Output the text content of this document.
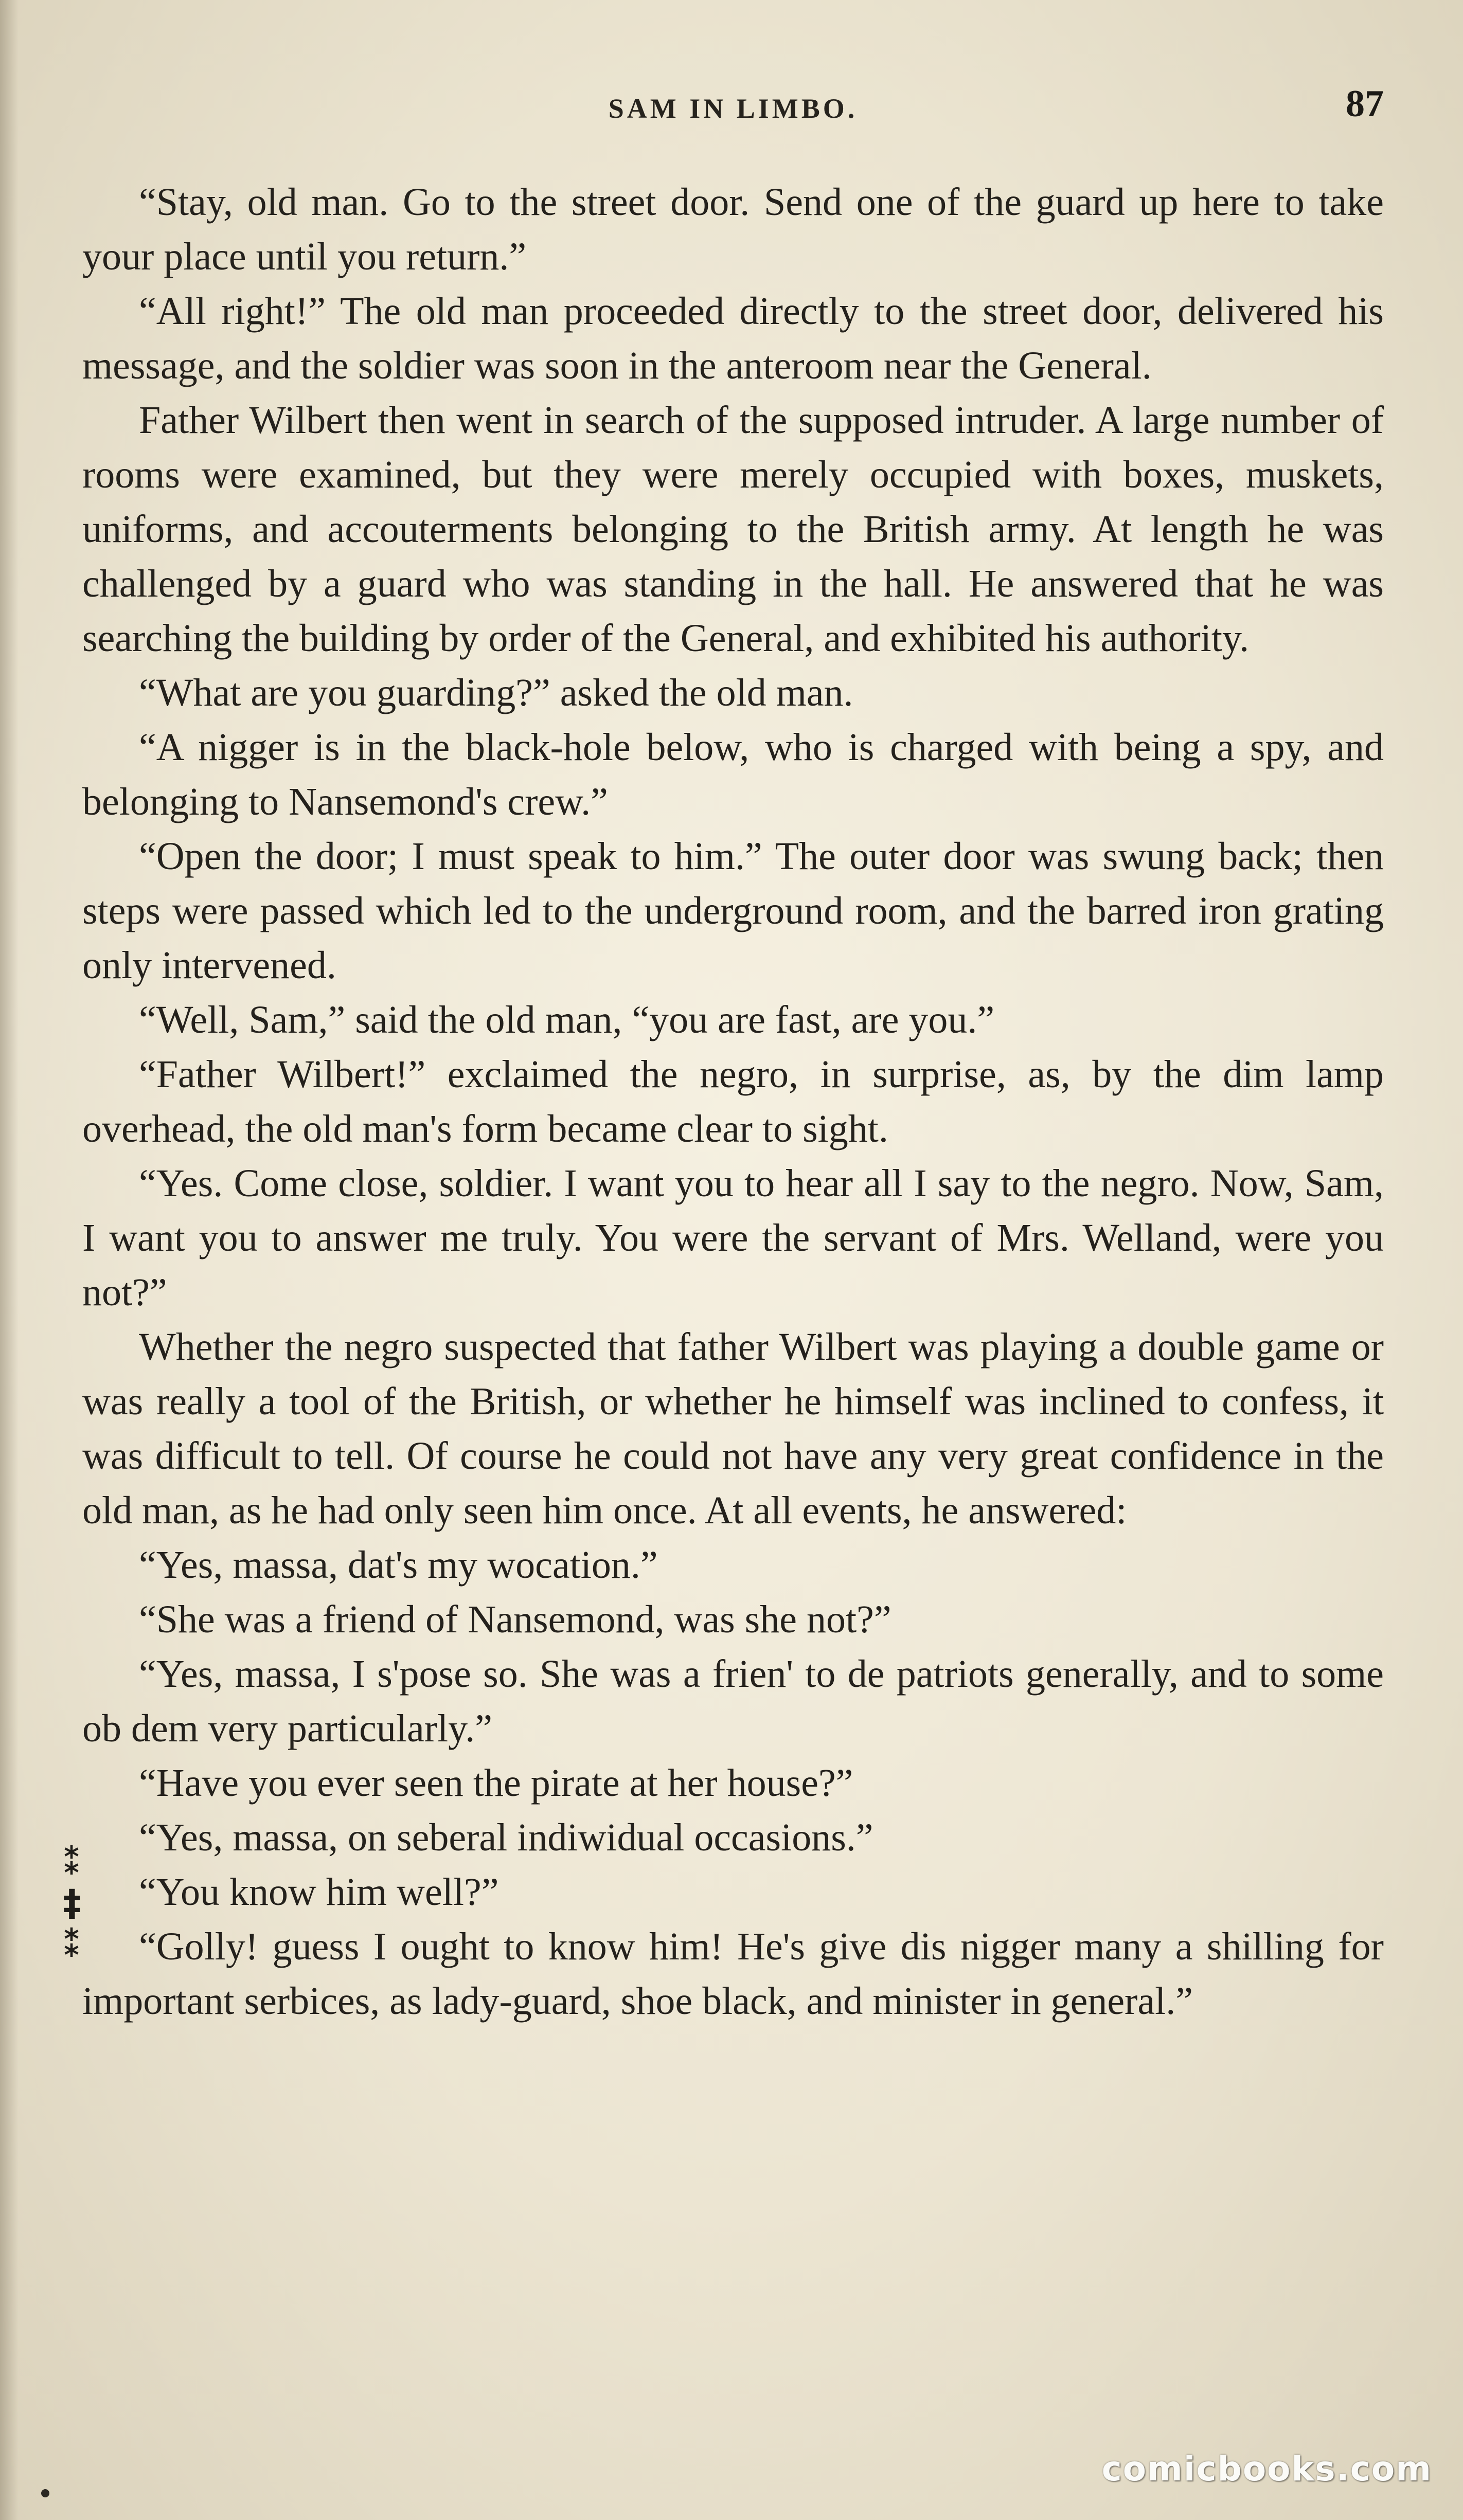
SAM IN LIMBO.	87

“Stay, old man. Go to the street door. Send one of the guard up here to take your place until you return.”

“All right!” The old man proceeded directly to the street door, delivered his message, and the soldier was soon in the anteroom near the General.

Father Wilbert then went in search of the supposed intruder. A large number of rooms were examined, but they were merely occupied with boxes, muskets, uniforms, and accouterments belonging to the British army. At length he was challenged by a guard who was standing in the hall. He answered that he was searching the building by order of the General, and exhibited his authority.

“What are you guarding?” asked the old man.

“A nigger is in the black-hole below, who is charged with being a spy, and belonging to Nansemond's crew.”

“Open the door; I must speak to him.” The outer door was swung back; then steps were passed which led to the underground room, and the barred iron grating only intervened.

“Well, Sam,” said the old man, “you are fast, are you.”

“Father Wilbert!” exclaimed the negro, in surprise, as, by the dim lamp overhead, the old man's form became clear to sight.

“Yes. Come close, soldier. I want you to hear all I say to the negro. Now, Sam, I want you to answer me truly. You were the servant of Mrs. Welland, were you not?”

Whether the negro suspected that father Wilbert was playing a double game or was really a tool of the British, or whether he himself was inclined to confess, it was difficult to tell. Of course he could not have any very great confidence in the old man, as he had only seen him once. At all events, he answered:

“Yes, massa, dat's my wocation.”

“She was a friend of Nansemond, was she not?”

“Yes, massa, I s'pose so. She was a frien' to de patriots generally, and to some ob dem very particularly.”

“Have you ever seen the pirate at her house?”

“Yes, massa, on seberal indiwidual occasions.”

“You know him well?”

“Golly! guess I ought to know him! He's give dis nigger many a shilling for important serbices, as lady-guard, shoe black, and minister in general.”

⁑
‡
⁑
comicbooks.com
